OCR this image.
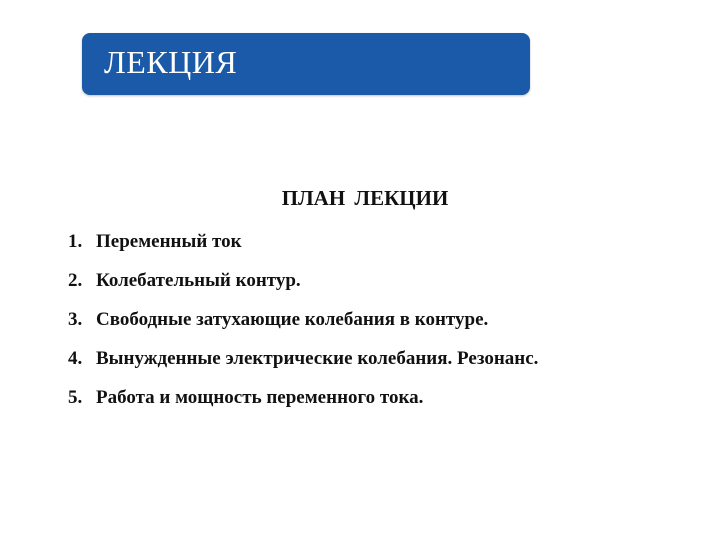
ЛЕКЦИЯ
ПЛАН ЛЕКЦИИ
1. Переменный ток
2. Колебательный контур.
3. Свободные затухающие колебания в контуре.
4. Вынужденные электрические колебания. Резонанс.
5. Работа и мощность переменного тока.
